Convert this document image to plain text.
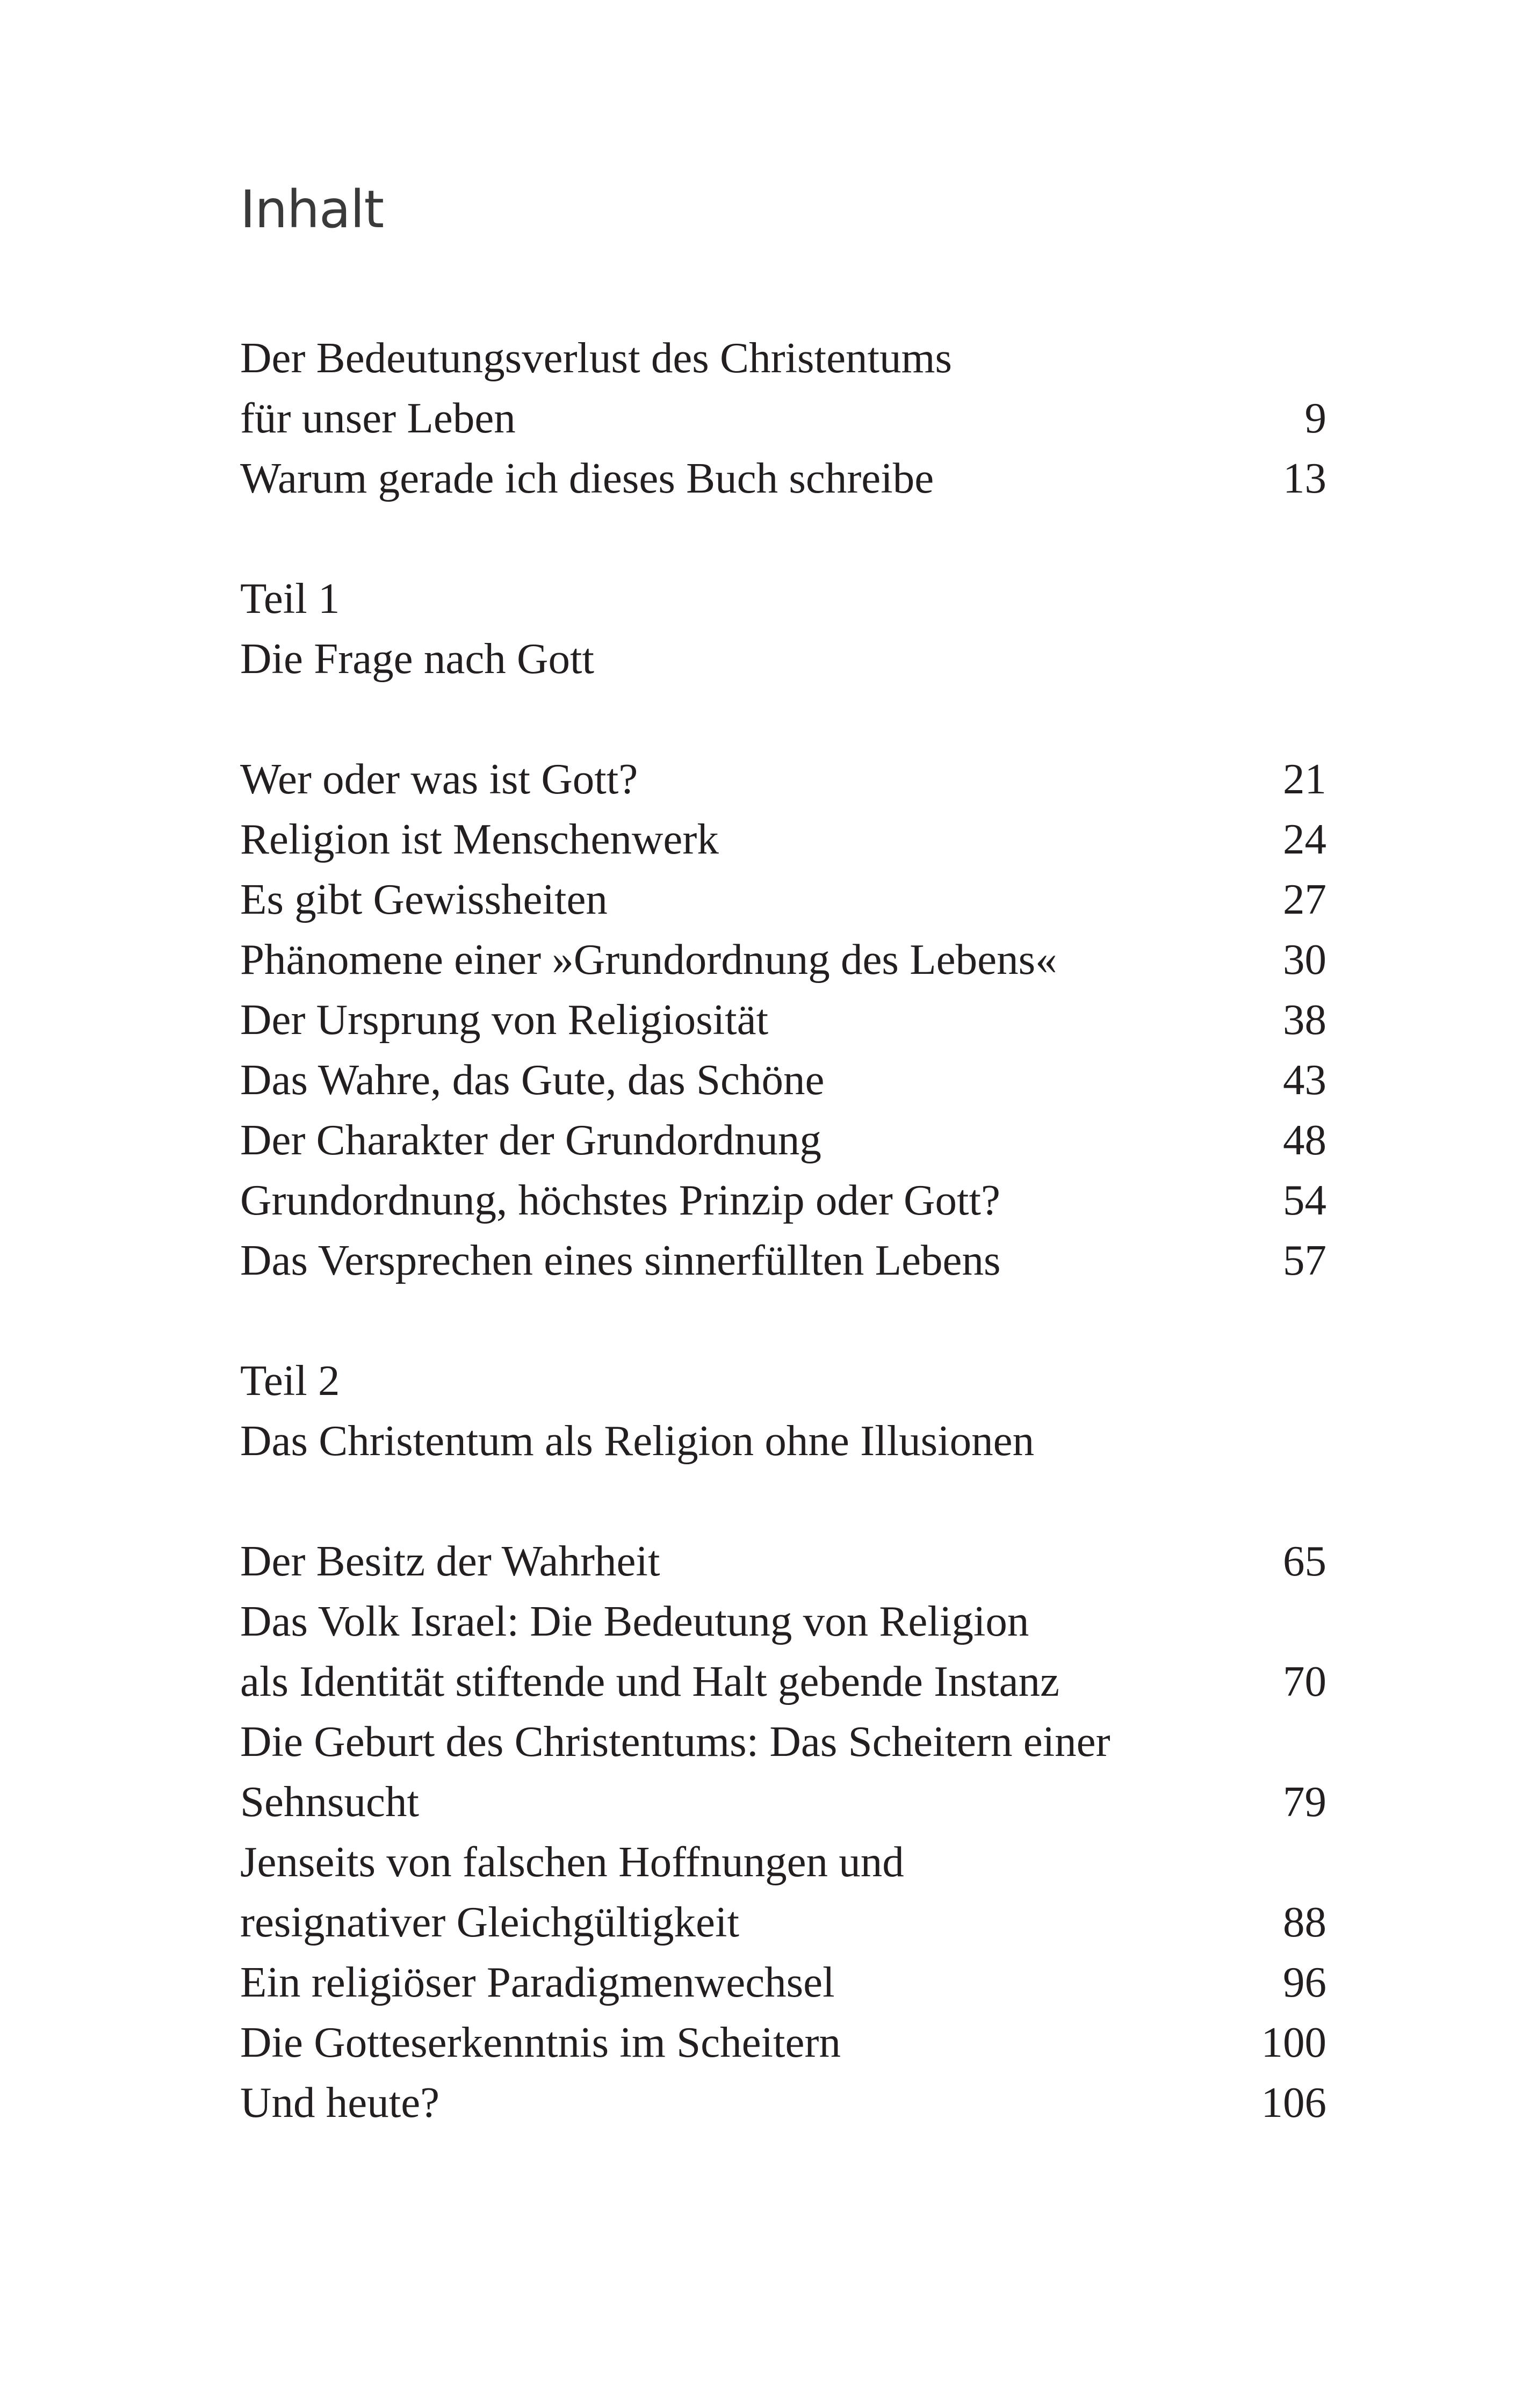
Inhalt
Der Bedeutungsverlust des Christentums
für unser Leben	9
Warum gerade ich dieses Buch schreibe	13
Teil 1
Die Frage nach Gott
Wer oder was ist Gott?	21
Religion ist Menschenwerk	24
Es gibt Gewissheiten	27
Phänomene einer »Grundordnung des Lebens«	30
Der Ursprung von Religiosität	38
Das Wahre, das Gute, das Schöne	43
Der Charakter der Grundordnung	48
Grundordnung, höchstes Prinzip oder Gott?	54
Das Versprechen eines sinnerfüllten Lebens	57
Teil 2
Das Christentum als Religion ohne Illusionen
Der Besitz der Wahrheit	65
Das Volk Israel: Die Bedeutung von Religion
als Identität stiftende und Halt gebende Instanz	70
Die Geburt des Christentums: Das Scheitern einer
Sehnsucht	79
Jenseits von falschen Hoffnungen und
resignativer Gleichgültigkeit	88
Ein religiöser Paradigmenwechsel	96
Die Gotteserkenntnis im Scheitern	100
Und heute?	106
